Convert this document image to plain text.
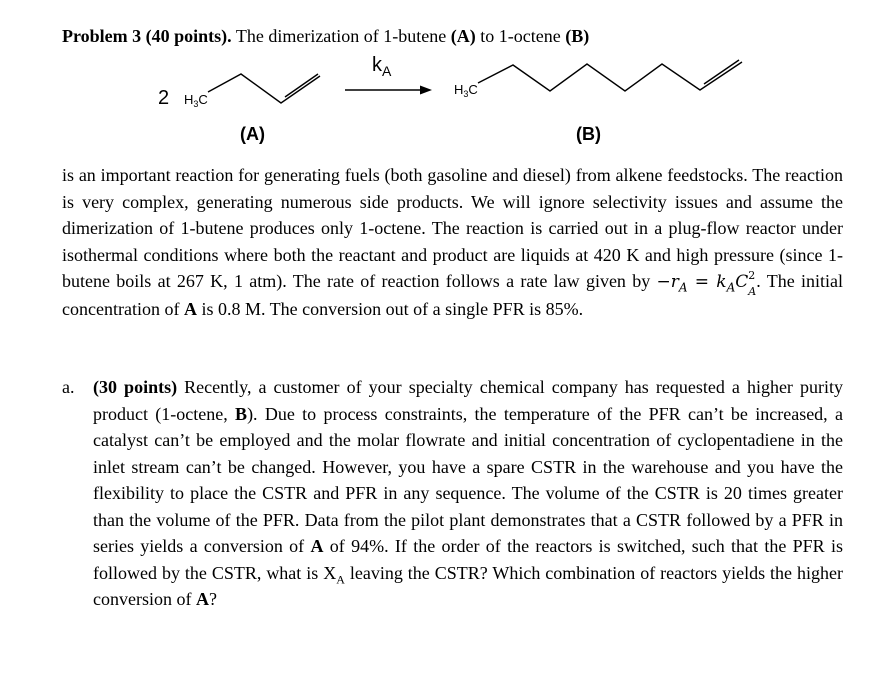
Problem 3 (40 points). The dimerization of 1-butene (A) to 1-octene (B)
2 $H_3C$
$k_A$
$H_3C$
(A)	(B)

is an important reaction for generating fuels (both gasoline and diesel) from alkene feedstocks. The reaction is very complex, generating numerous side products. We will ignore selectivity issues and assume the dimerization of 1-butene produces only 1-octene. The reaction is carried out in a plug-flow reactor under isothermal conditions where both the reactant and product are liquids at 420 K and high pressure (since 1-butene boils at 267 K, 1 atm). The rate of reaction follows a rate law given by $-r_A = k_AC$ 2
A
. The initial concentration of A is 0.8 M. The conversion out of a single PFR is 85%.

a. (30 points) Recently, a customer of your specialty chemical company has requested a higher purity product (1-octene, B). Due to process constraints, the temperature of the PFR can’t be increased, a catalyst can’t be employed and the molar flowrate and initial concentration of cyclopentadiene in the inlet stream can’t be changed. However, you have a spare CSTR in the warehouse and you have the flexibility to place the CSTR and PFR in any sequence. The volume of the CSTR is 20 times greater than the volume of the PFR. Data from the pilot plant demonstrates that a CSTR followed by a PFR in series yields a conversion of A of 94%. If the order of the reactors is switched, such that the PFR is followed by the CSTR, what is $X_A$ leaving the CSTR? Which combination of reactors yields the higher conversion of A?
